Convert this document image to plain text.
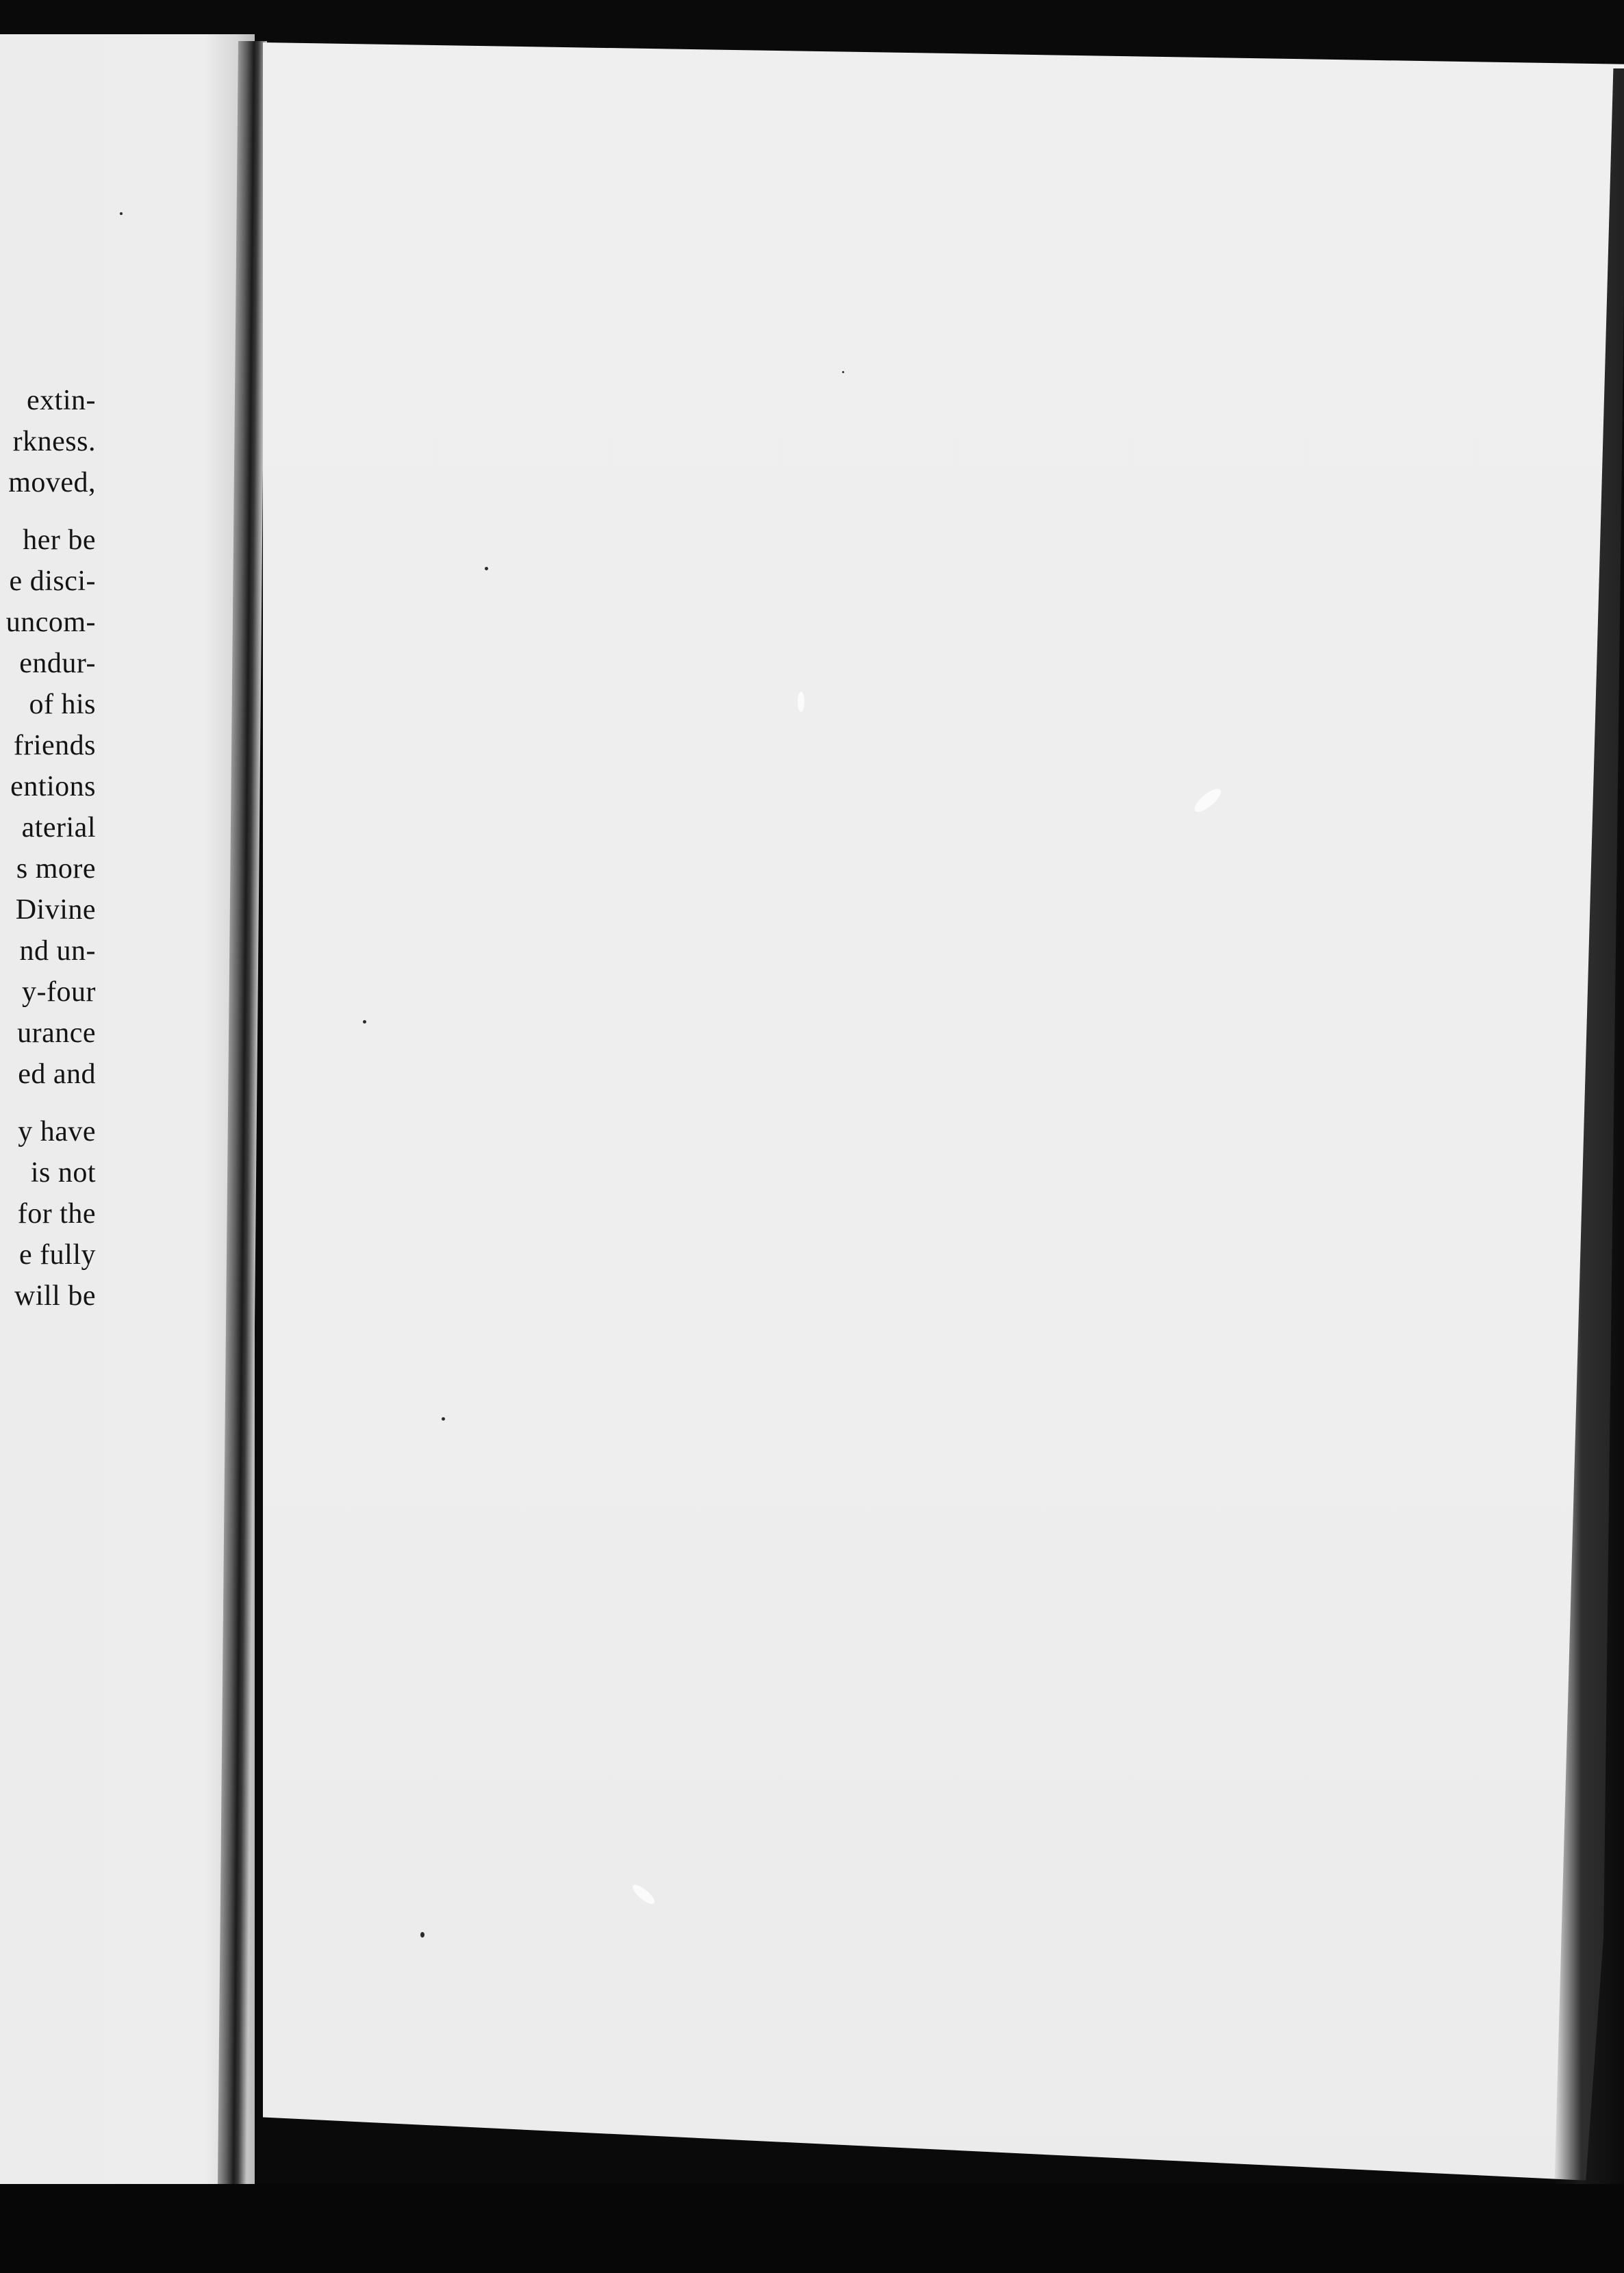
extin-
rkness.
moved,
her be
e disci-
uncom-
endur-
of his
friends
entions
aterial
s more
Divine
nd un-
y-four
urance
ed and
y have
is not
for the
e fully
will be
